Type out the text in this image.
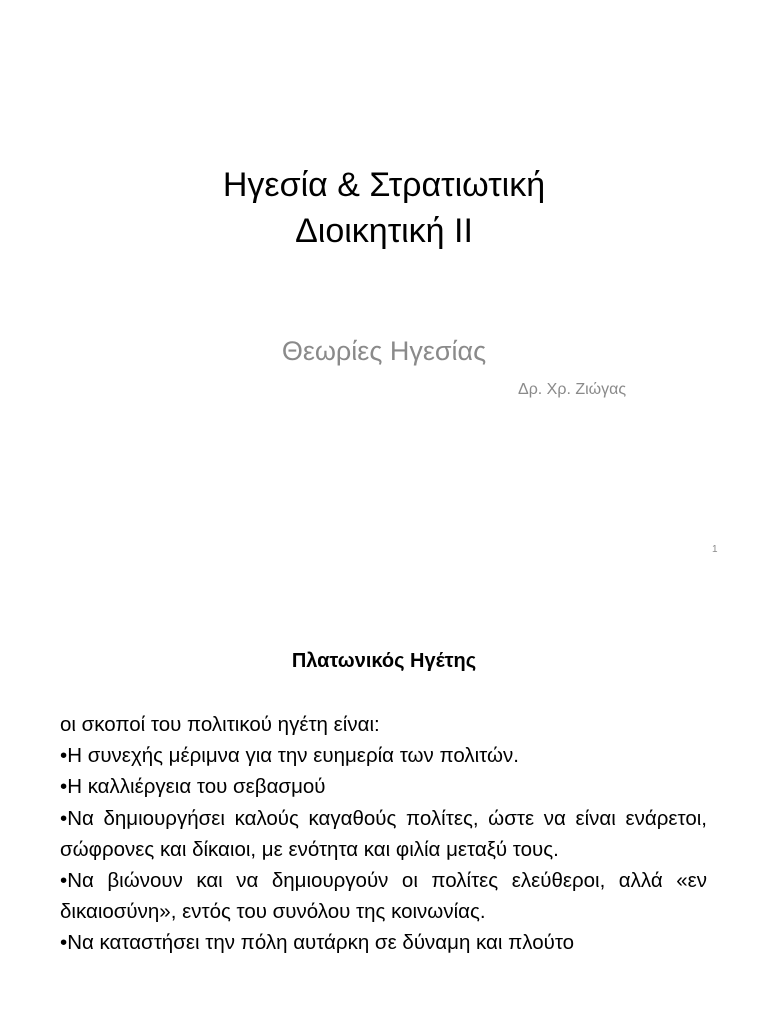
Ηγεσία & Στρατιωτική
Διοικητική ΙΙ
Θεωρίες Ηγεσίας
Δρ. Χρ. Ζιώγας
1
Πλατωνικός Ηγέτης

οι σκοποί του πολιτικού ηγέτη είναι:

•Η συνεχής μέριμνα για την ευημερία των πολιτών.

•Η καλλιέργεια του σεβασμού

•Να δημιουργήσει καλούς καγαθούς πολίτες, ώστε να είναι ενάρετοι, σώφρονες και δίκαιοι, με ενότητα και φιλία μεταξύ τους.

•Να βιώνουν και να δημιουργούν οι πολίτες ελεύθεροι, αλλά «εν δικαιοσύνη», εντός του συνόλου της κοινωνίας.

•Να καταστήσει την πόλη αυτάρκη σε δύναμη και πλούτο
